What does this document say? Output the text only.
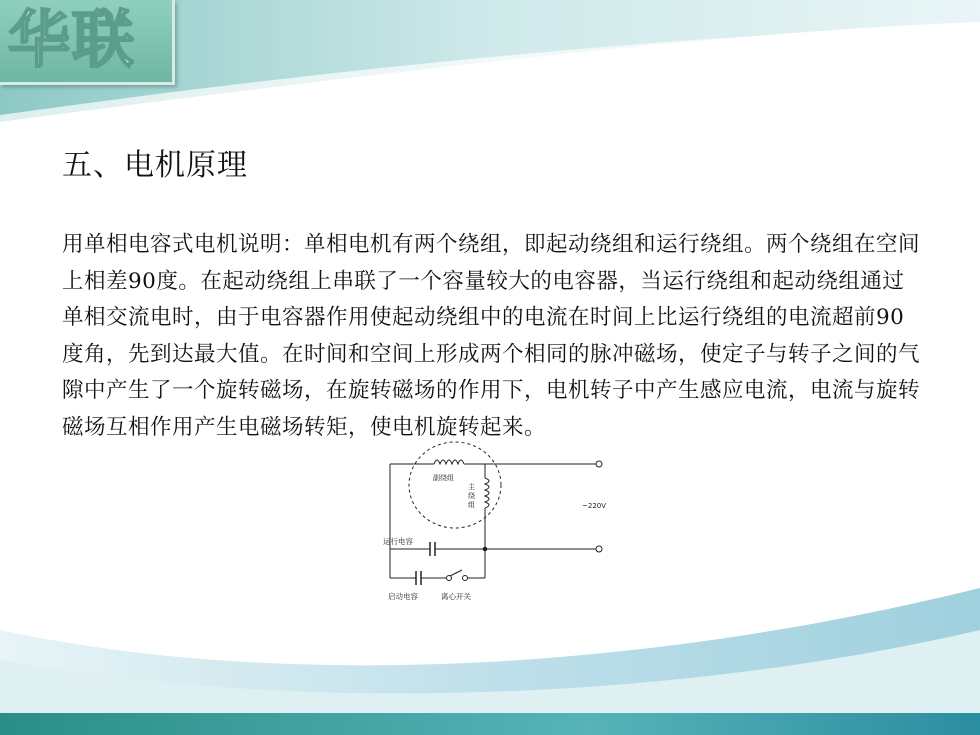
华联
五、电机原理
用单相电容式电机说明：单相电机有两个绕组，即起动绕组和运行绕组。两个绕组在空间上相差90度。在起动绕组上串联了一个容量较大的电容器，当运行绕组和起动绕组通过单相交流电时，由于电容器作用使起动绕组中的电流在时间上比运行绕组的电流超前90度角，先到达最大值。在时间和空间上形成两个相同的脉冲磁场，使定子与转子之间的气隙中产生了一个旋转磁场，在旋转磁场的作用下，电机转子中产生感应电流，电流与旋转磁场互相作用产生电磁场转矩，使电机旋转起来。
副绕组
主
绕
组	~220V
运行电容
启动电容	离心开关
